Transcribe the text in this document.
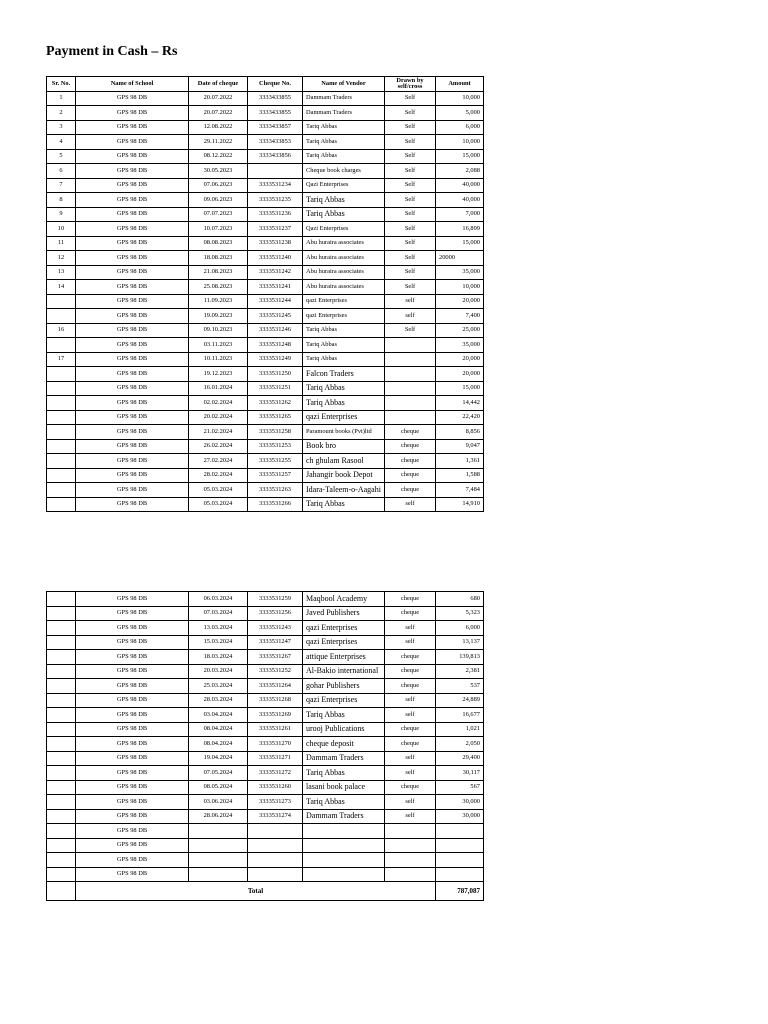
Payment in Cash – Rs
Sr. No.	Name of School	Date of cheque	Cheque No.	Name of Vendor	Drawn by self/cross	Amount
1	GPS 98 DB	20.07.2022	3333433855	Dammam Traders	Self	10,000
2	GPS 98 DB	20.07.2022	3333433855	Dammam Traders	Self	5,000
3	GPS 98 DB	12.08.2022	3333433857	Tariq Abbas	Self	6,000
4	GPS 98 DB	29.11.2022	3333433853	Tariq Abbas	Self	10,000
5	GPS 98 DB	08.12.2022	3333433856	Tariq Abbas	Self	15,000
6	GPS 98 DB	30.05.2023		Cheque book charges	Self	2,088
7	GPS 98 DB	07.06.2023	3333531234	Qazi Enterprises	Self	40,000
8	GPS 98 DB	09.06.2023	3333531235	Tariq Abbas	Self	40,000
9	GPS 98 DB	07.07.2023	3333531236	Tariq Abbas	Self	7,000
10	GPS 98 DB	10.07.2023	3333531237	Qazi Enterprises	Self	16,899
11	GPS 98 DB	08.08.2023	3333531238	Abu huraira associates	Self	15,000
12	GPS 98 DB	18.08.2023	3333531240	Abu huraira associates	Self	20000
13	GPS 98 DB	21.08.2023	3333531242	Abu huraira associates	Self	35,000
14	GPS 98 DB	25.08.2023	3333531241	Abu huraira associates	Self	10,000
	GPS 98 DB	11.09.2023	3333531244	qazi Enterprises	self	20,000
	GPS 98 DB	19.09.2023	3333531245	qazi Enterprises	self	7,400
16	GPS 98 DB	09.10.2023	3333531246	Tariq Abbas	Self	25,000
	GPS 98 DB	03.11.2023	3333531248	Tariq Abbas		35,000
17	GPS 98 DB	10.11.2023	3333531249	Tariq Abbas		20,000
	GPS 98 DB	19.12.2023	3333531250	Falcon Traders		20,000
	GPS 98 DB	16.01.2024	3333531251	Tariq Abbas		15,000
	GPS 98 DB	02.02.2024	3333531262	Tariq Abbas		14,442
	GPS 98 DB	20.02.2024	3333531265	qazi Enterprises		22,420
	GPS 98 DB	21.02.2024	3333531258	Paramount books (Pvt)ltd	cheque	8,856
	GPS 98 DB	26.02.2024	3333531253	Book bro	cheque	9,047
	GPS 98 DB	27.02.2024	3333531255	ch ghulam Rasool	cheque	1,361
	GPS 98 DB	28.02.2024	3333531257	Jahangir book Depot	cheque	1,588
	GPS 98 DB	05.03.2024	3333531263	Idara-Taleem-o-Aagahi	cheque	7,484
	GPS 98 DB	05.03.2024	3333531266	Tariq Abbas	self	14,910
	GPS 98 DB	06.03.2024	3333531259	Maqbool Academy	cheque	680
	GPS 98 DB	07.03.2024	3333531256	Javed Publishers	cheque	5,323
	GPS 98 DB	13.03.2024	3333531243	qazi Enterprises	self	6,000
	GPS 98 DB	15.03.2024	3333531247	qazi Enterprises	self	13,137
	GPS 98 DB	18.03.2024	3333531267	attique Enterprises	cheque	139,813
	GPS 98 DB	20.03.2024	3333531252	Al-Bakio international	cheque	2,381
	GPS 98 DB	25.03.2024	3333531264	gohar Publishers	cheque	537
	GPS 98 DB	28.03.2024	3333531268	qazi Enterprises	self	24,889
	GPS 98 DB	03.04.2024	3333531269	Tariq Abbas	self	16,677
	GPS 98 DB	08.04.2024	3333531261	urooj Publications	cheque	1,021
	GPS 98 DB	08.04.2024	3333531270	cheque deposit	cheque	2,050
	GPS 98 DB	19.04.2024	3333531271	Dammam Traders	self	29,400
	GPS 98 DB	07.05.2024	3333531272	Tariq Abbas	self	30,117
	GPS 98 DB	08.05.2024	3333531260	lasani book palace	cheque	567
	GPS 98 DB	03.06.2024	3333531273	Tariq Abbas	self	30,000
	GPS 98 DB	28.06.2024	3333531274	Dammam Traders	self	30,000
	GPS 98 DB					
	GPS 98 DB					
	GPS 98 DB					
	GPS 98 DB					
	Total					787,087
